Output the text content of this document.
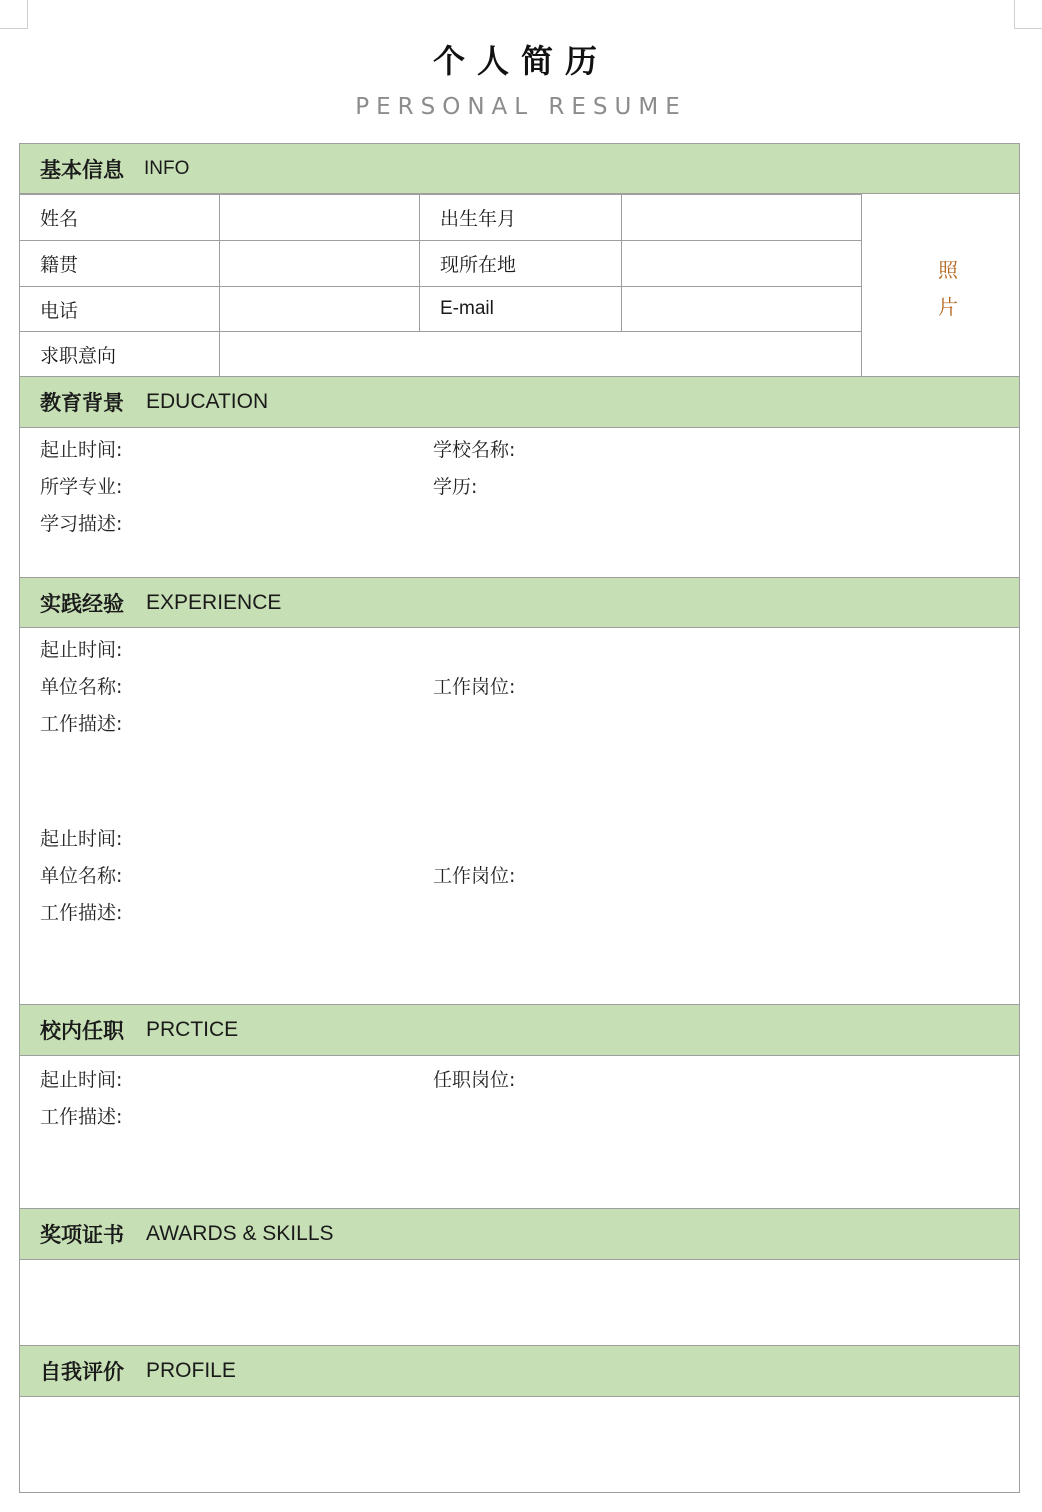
个人简历
PERSONAL RESUME
基本信息 INFO
姓名	出生年月
籍贯	现所在地
电话	E-mail
求职意向
照
片
教育背景 EDUCATION
起止时间:	学校名称:
所学专业:	学历:
学习描述:
实践经验 EXPERIENCE
起止时间:
单位名称:	工作岗位:
工作描述:
起止时间:
单位名称:	工作岗位:
工作描述:
校内任职 PRCTICE
起止时间:	任职岗位:
工作描述:
奖项证书 AWARDS & SKILLS
自我评价 PROFILE
